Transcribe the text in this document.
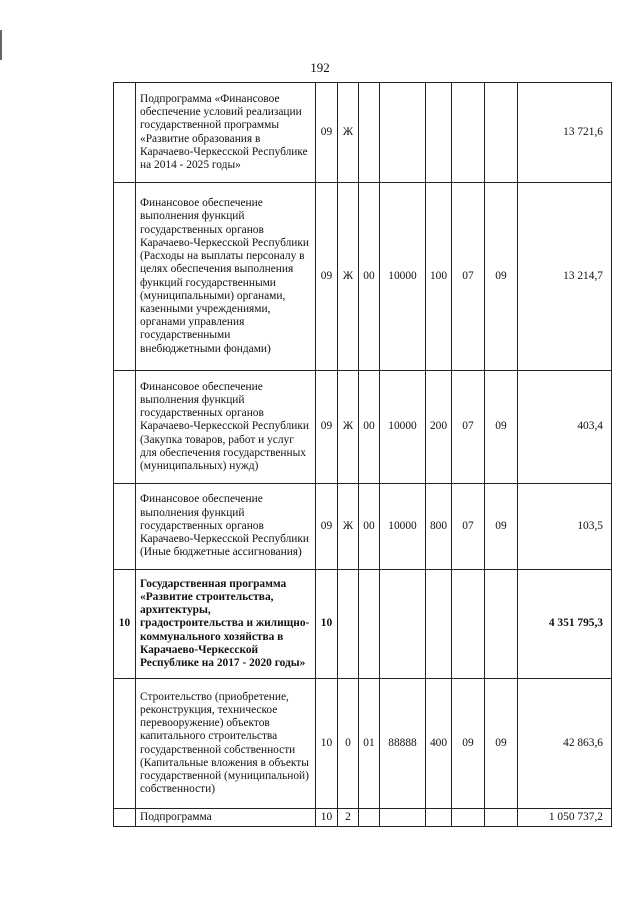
192
	Подпрограмма «Финансовое обеспечение условий реализации государственной программы «Развитие образования в Карачаево-Черкесской Республике на 2014 - 2025 годы»	09	Ж						13 721,6
	Финансовое обеспечение выполнения функций государственных органов Карачаево-Черкесской Республики (Расходы на выплаты персоналу в целях обеспечения выполнения функций государственными (муниципальными) органами, казенными учреждениями, органами управления государственными внебюджетными фондами)	09	Ж	00	10000	100	07	09	13 214,7
	Финансовое обеспечение выполнения функций государственных органов Карачаево-Черкесской Республики (Закупка товаров, работ и услуг для обеспечения государственных (муниципальных) нужд)	09	Ж	00	10000	200	07	09	403,4
	Финансовое обеспечение выполнения функций государственных органов Карачаево-Черкесской Республики (Иные бюджетные ассигнования)	09	Ж	00	10000	800	07	09	103,5
10	Государственная программа «Развитие строительства, архитектуры, градостроительства и жилищно-коммунального хозяйства в Карачаево-Черкесской Республике на 2017 - 2020 годы»	10							4 351 795,3
	Строительство (приобретение, реконструкция, техническое перевооружение) объектов капитального строительства государственной собственности (Капитальные вложения в объекты государственной (муниципальной) собственности)	10	0	01	88888	400	09	09	42 863,6
	Подпрограмма	10	2						1 050 737,2
